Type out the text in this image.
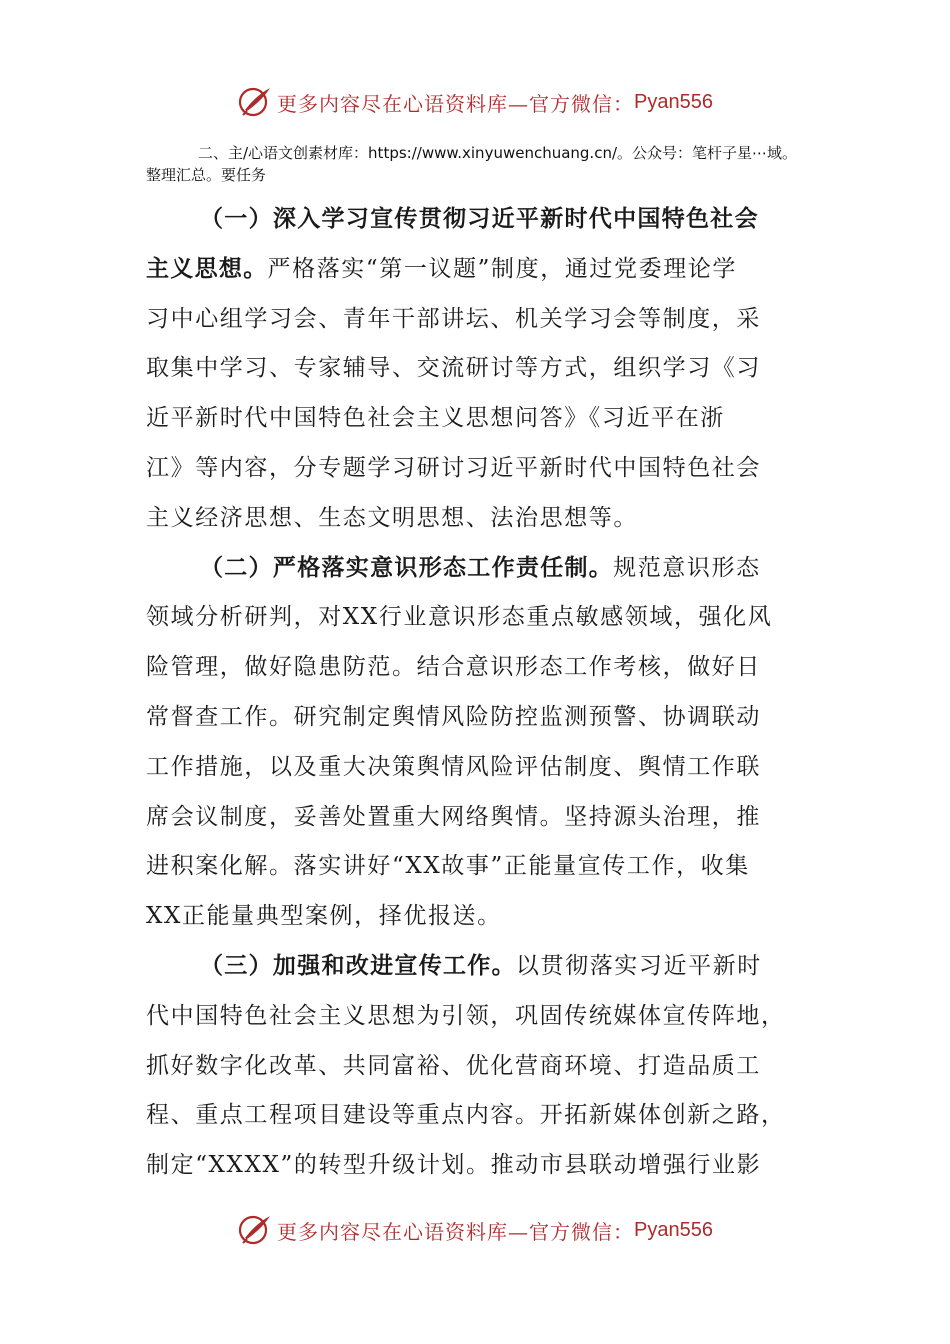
更多内容尽在心语资料库—官方微信： Pyan556
二、主/心语文创素材库：https://www.xinyuwenchuang.cn/。公众号：笔杆子星⋯域。整理汇总。要任务
（一）深入学习宣传贯彻习近平新时代中国特色社会
主义思想。严格落实“第一议题”制度，通过党委理论学
习中心组学习会、青年干部讲坛、机关学习会等制度，采
取集中学习、专家辅导、交流研讨等方式，组织学习《习
近平新时代中国特色社会主义思想问答》《习近平在浙
江》等内容，分专题学习研讨习近平新时代中国特色社会
主义经济思想、生态文明思想、法治思想等。
（二）严格落实意识形态工作责任制。规范意识形态
领域分析研判，对XX行业意识形态重点敏感领域，强化风
险管理，做好隐患防范。结合意识形态工作考核，做好日
常督查工作。研究制定舆情风险防控监测预警、协调联动
工作措施，以及重大决策舆情风险评估制度、舆情工作联
席会议制度，妥善处置重大网络舆情。坚持源头治理，推
进积案化解。落实讲好“XX故事”正能量宣传工作，收集
XX正能量典型案例，择优报送。
（三）加强和改进宣传工作。以贯彻落实习近平新时
代中国特色社会主义思想为引领，巩固传统媒体宣传阵地，
抓好数字化改革、共同富裕、优化营商环境、打造品质工
程、重点工程项目建设等重点内容。开拓新媒体创新之路，
制定“XXXX”的转型升级计划。推动市县联动增强行业影
更多内容尽在心语资料库—官方微信： Pyan556
